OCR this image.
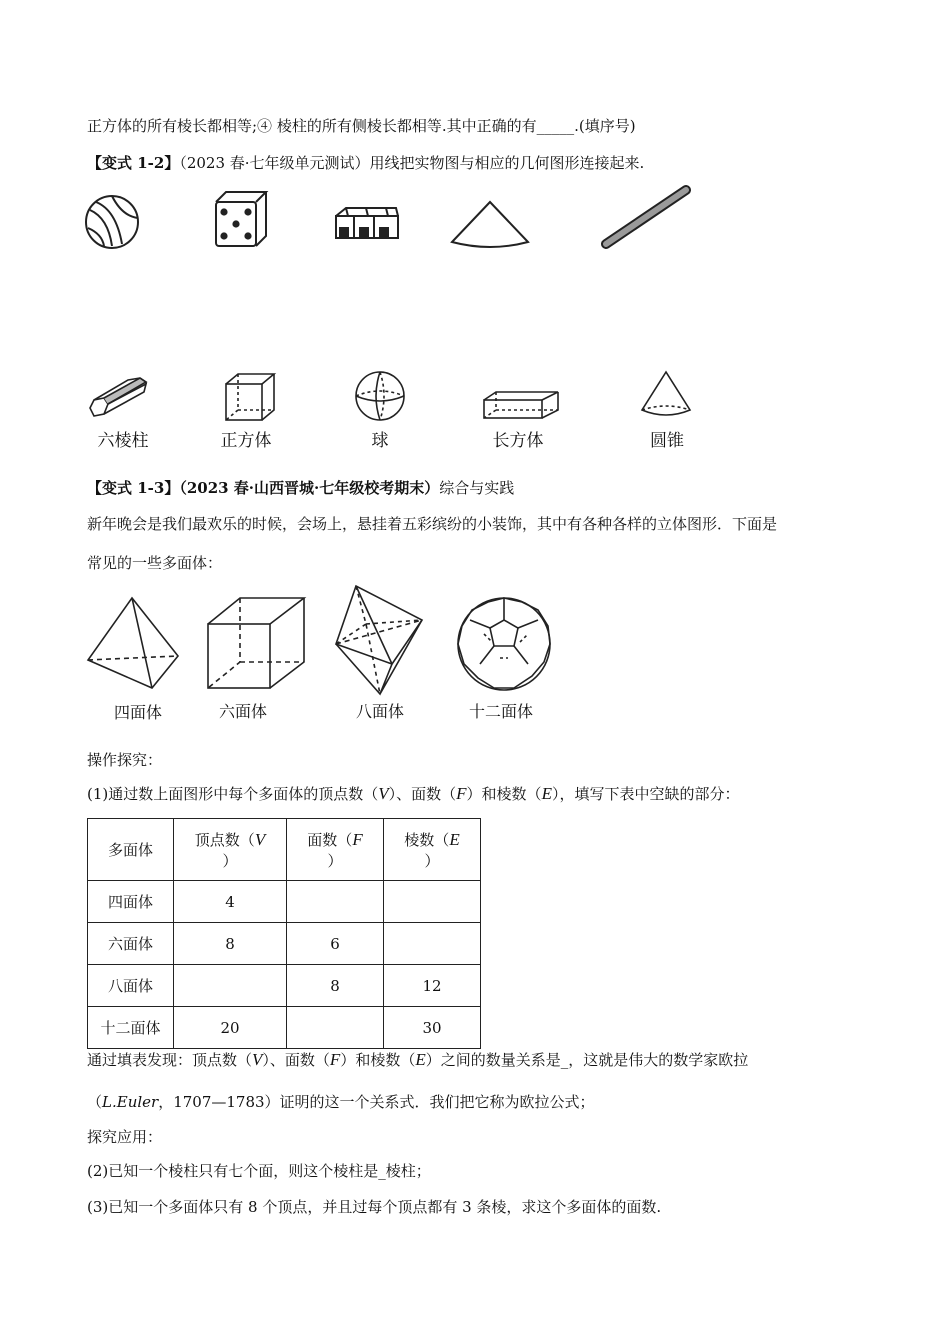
正方体的所有棱长都相等;④ 棱柱的所有侧棱长都相等.其中正确的有_____.(填序号)
【变式 1-2】（2023 春·七年级单元测试）用线把实物图与相应的几何图形连接起来.
六棱柱	正方体	球	长方体	圆锥
【变式 1-3】（2023 春·山西晋城·七年级校考期末）综合与实践
新年晚会是我们最欢乐的时候，会场上，悬挂着五彩缤纷的小装饰，其中有各种各样的立体图形．下面是
常见的一些多面体：
四面体	六面体	八面体	十二面体
操作探究：
(1)通过数上面图形中每个多面体的顶点数（V）、面数（F）和棱数（E），填写下表中空缺的部分：
多面体	顶点数（V
）	面数（F
）	棱数（E
）
四面体	4		
六面体	8	6	
八面体		8	12
十二面体	20		30
通过填表发现：顶点数（V）、面数（F）和棱数（E）之间的数量关系是_，这就是伟大的数学家欧拉
（L.Euler，1707—1783）证明的这一个关系式．我们把它称为欧拉公式；
探究应用：
(2)已知一个棱柱只有七个面，则这个棱柱是_棱柱；
(3)已知一个多面体只有 8 个顶点，并且过每个顶点都有 3 条棱，求这个多面体的面数.
